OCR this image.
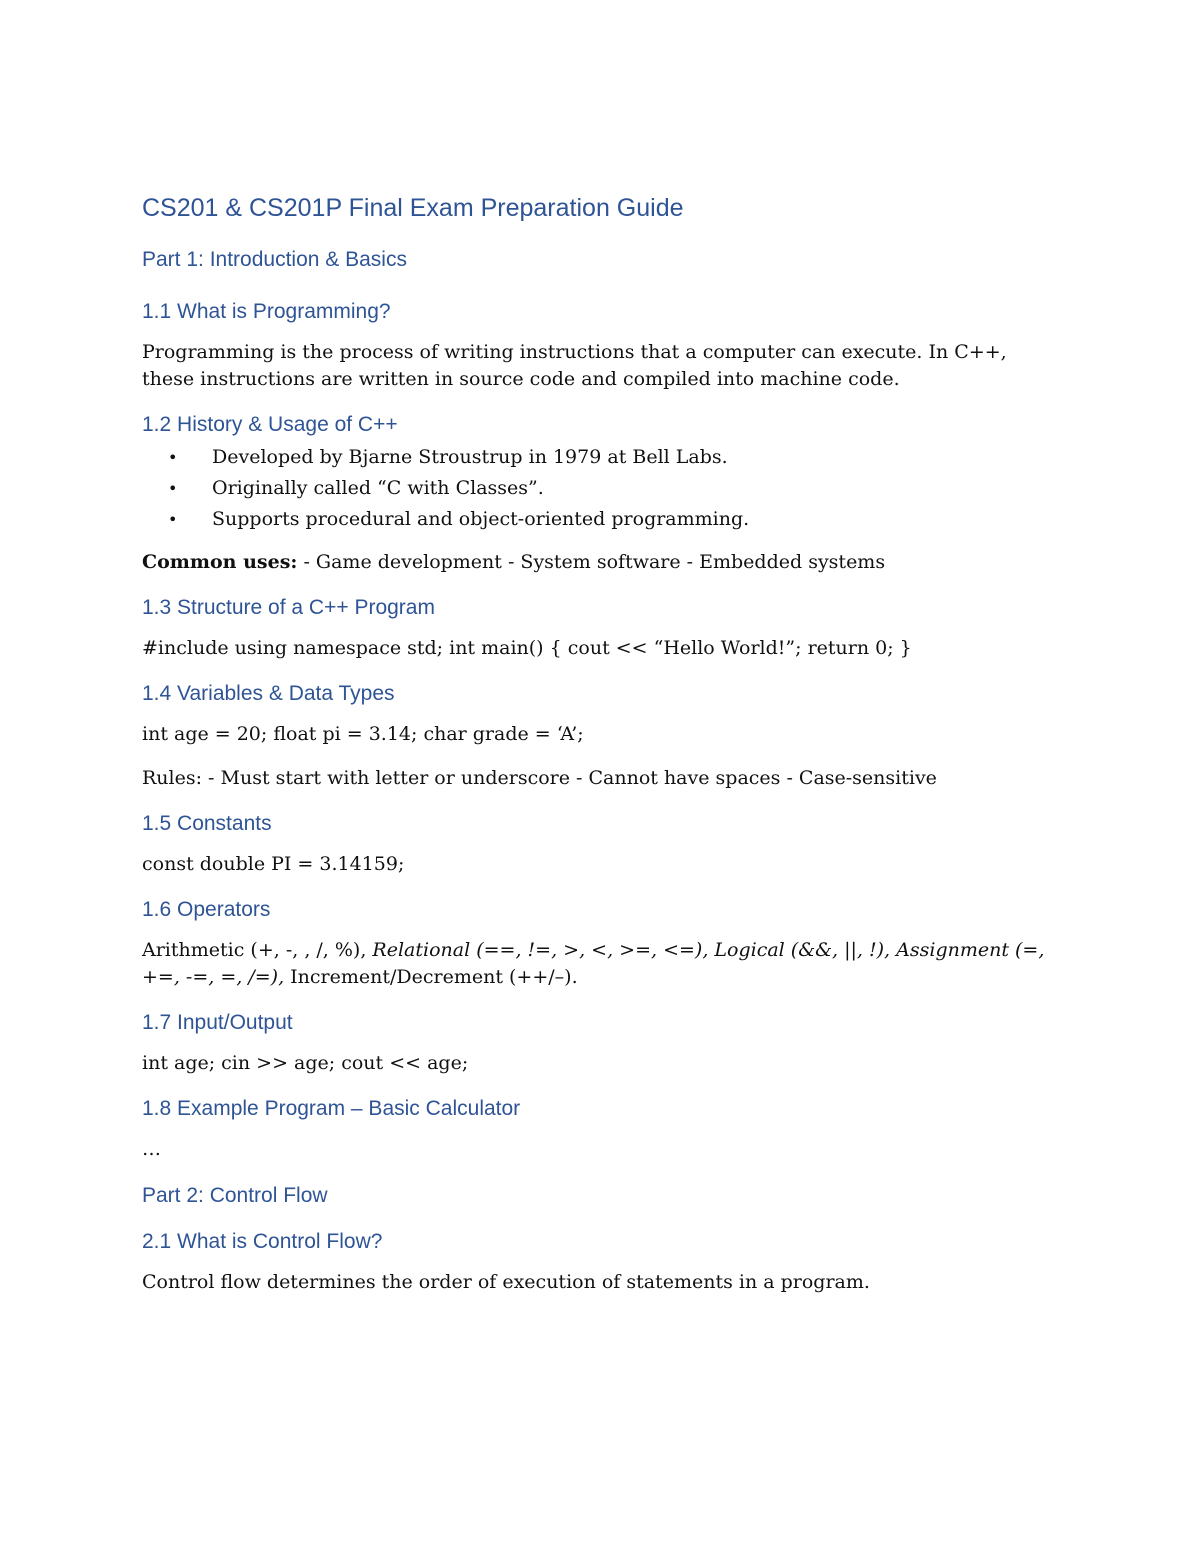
CS201 & CS201P Final Exam Preparation Guide
Part 1: Introduction & Basics
1.1 What is Programming?

Programming is the process of writing instructions that a computer can execute. In C++, these instructions are written in source code and compiled into machine code.

1.2 History & Usage of C++
• Developed by Bjarne Stroustrup in 1979 at Bell Labs.
• Originally called “C with Classes”.
• Supports procedural and object-oriented programming.

Common uses: - Game development - System software - Embedded systems

1.3 Structure of a C++ Program

#include using namespace std; int main() { cout << “Hello World!”; return 0; }

1.4 Variables & Data Types

int age = 20; float pi = 3.14; char grade = ‘A’;

Rules: - Must start with letter or underscore - Cannot have spaces - Case-sensitive

1.5 Constants

const double PI = 3.14159;

1.6 Operators

Arithmetic (+, -, , /, %), Relational (==, !=, >, <, >=, <=), Logical (&&, ||, !), Assignment (=, +=, -=, =, /=), Increment/Decrement (++/–).

1.7 Input/Output

int age; cin >> age; cout << age;

1.8 Example Program – Basic Calculator

…

Part 2: Control Flow
2.1 What is Control Flow?

Control flow determines the order of execution of statements in a program.
